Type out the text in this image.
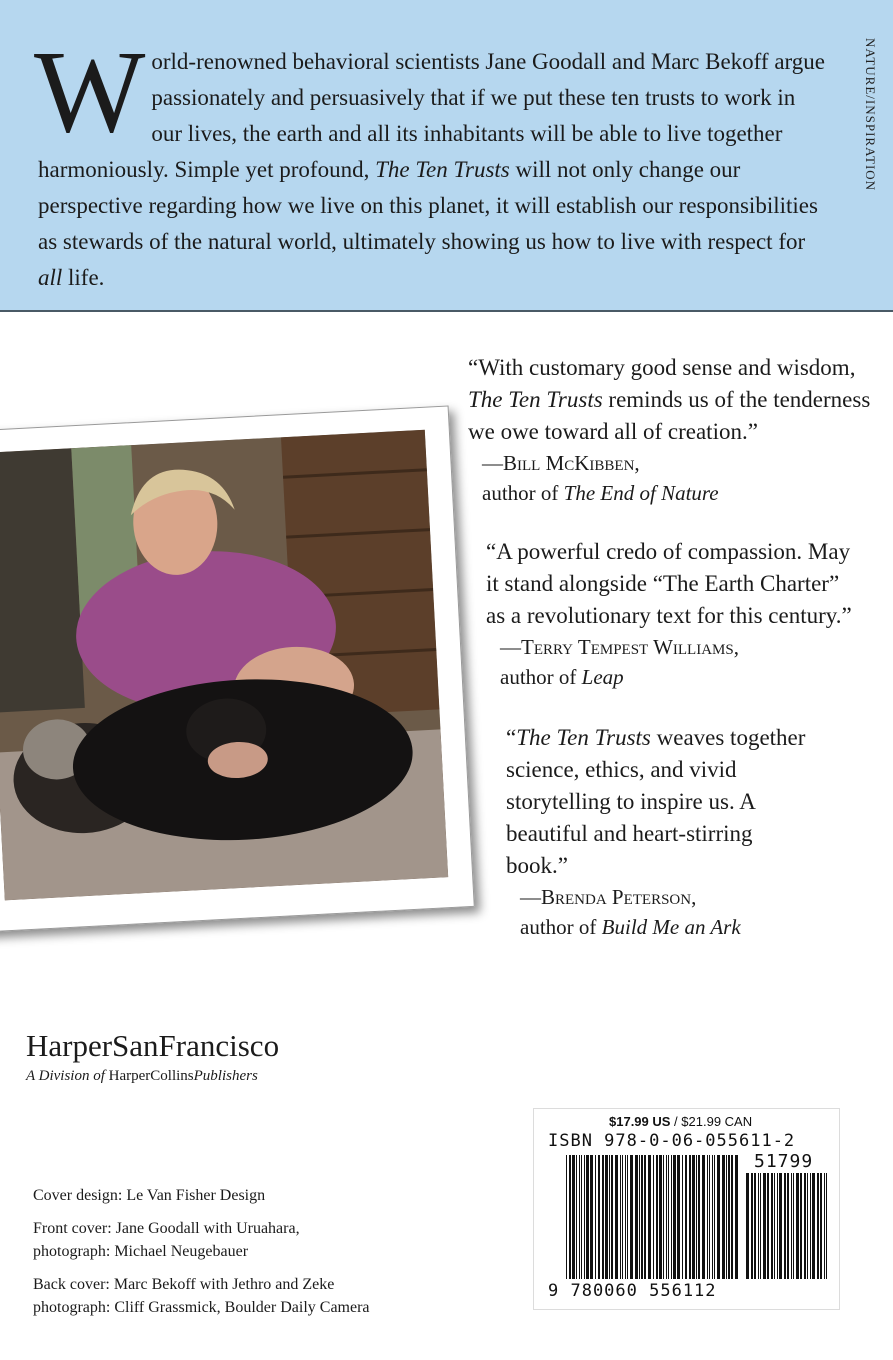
World-renowned behavioral scientists Jane Goodall and Marc Bekoff argue passionately and persuasively that if we put these ten trusts to work in our lives, the earth and all its inhabitants will be able to live together harmoniously. Simple yet profound, The Ten Trusts will not only change our perspective regarding how we live on this planet, it will establish our responsibilities as stewards of the natural world, ultimately showing us how to live with respect for all life.
NATURE/INSPIRATION
“With customary good sense and wisdom, The Ten Trusts reminds us of the tenderness we owe toward all of creation.”
—Bill McKibben,
author of The End of Nature
“A powerful credo of compassion. May it stand alongside “The Earth Charter” as a revolutionary text for this century.”
—Terry Tempest Williams,
author of Leap
“The Ten Trusts weaves together science, ethics, and vivid storytelling to inspire us. A beautiful and heart-stirring book.”
—Brenda Peterson,
author of Build Me an Ark
HarperSanFrancisco
A Division of HarperCollinsPublishers

Cover design: Le Van Fisher Design

Front cover: Jane Goodall with Uruahara,
photograph: Michael Neugebauer

Back cover: Marc Bekoff with Jethro and Zeke
photograph: Cliff Grassmick, Boulder Daily Camera

$17.99 US / $21.99 CAN
ISBN 978-0-06-055611-2
51799
9 780060 556112
